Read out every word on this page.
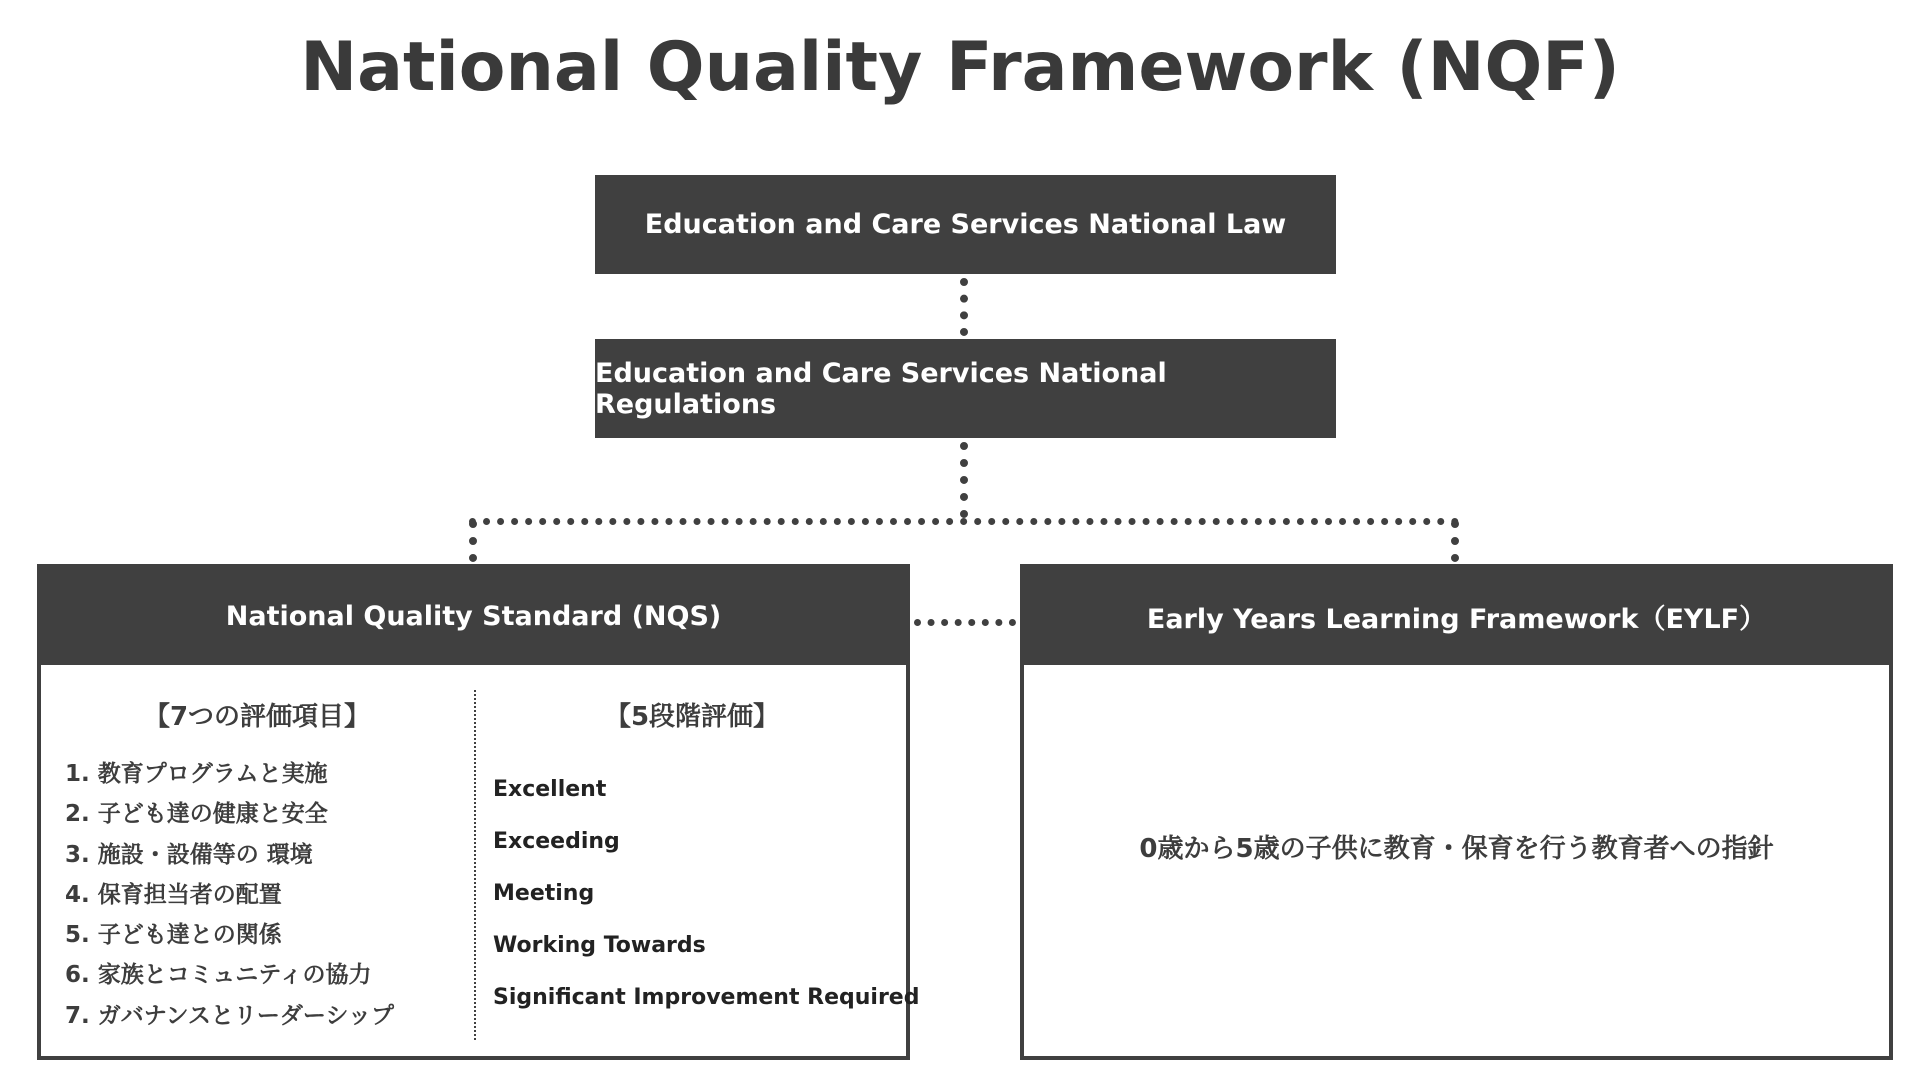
National Quality Framework (NQF)
Education and Care Services National Law
Education and Care Services National Regulations
National Quality Standard (NQS)
【7つの評価項目】
1. 教育プログラムと実施
2. 子ども達の健康と安全
3. 施設・設備等の 環境
4. 保育担当者の配置
5. 子ども達との関係
6. 家族とコミュニティの協力
7. ガバナンスとリーダーシップ
【5段階評価】
Excellent
Exceeding
Meeting
Working Towards
Significant Improvement Required
Early Years Learning Framework（EYLF）
0歳から5歳の子供に教育・保育を行う教育者への指針
